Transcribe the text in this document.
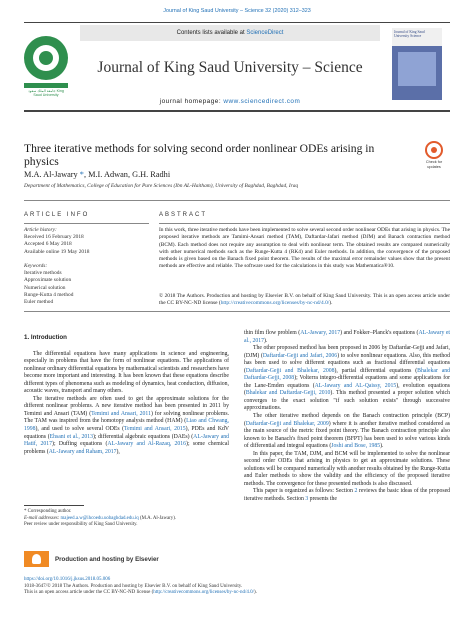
Journal of King Saud University – Science 32 (2020) 312–323
جامعة الملك سعود King Saud University
Contents lists available at ScienceDirect
Journal of King Saud University – Science
journal homepage: www.sciencedirect.com
Journal of King Saud University Science
Three iterative methods for solving second order nonlinear ODEs arising in physics	Check for updates
M.A. Al-Jawary *, M.I. Adwan, G.H. Radhi
Department of Mathematics, College of Education for Pure Sciences (Ibn AL-Haitham), University of Baghdad, Baghdad, Iraq
ARTICLE INFO	ABSTRACT
Article history:
Received 16 February 2018
Accepted 6 May 2018
Available online 19 May 2018
Keywords:
Iterative methods
Approximate solution
Numerical solution
Runge-Kutta 4 method
Euler method
In this work, three iterative methods have been implemented to solve several second order nonlinear ODEs that arising in physics. The proposed iterative methods are Tamimi-Ansari method (TAM), Daftardar-Jafari method (DJM) and Banach contraction method (BCM). Each method does not require any assumption to deal with nonlinear term. The obtained results are compared numerically with other numerical methods such as the Runge-Kutta 4 (RK4) and Euler methods. In addition, the convergence of the proposed methods is given based on the Banach fixed point theorem. The results of the maximal error remainder values show that the present methods are effective and reliable. The software used for the calculations in this study was Mathematica®10.
© 2018 The Authors. Production and hosting by Elsevier B.V. on behalf of King Saud University. This is an open access article under the CC BY-NC-ND license (http://creativecommons.org/licenses/by-nc-nd/4.0/).
1. Introduction

The differential equations have many applications in science and engineering, especially in problems that have the form of nonlinear equations. The applications of nonlinear ordinary differential equations by mathematical scientists and researchers have become more important and interesting. It has been known that these equations describe different types of phenomena such as modeling of dynamics, heat conduction, diffusion, acoustic waves, transport and many others.

The iterative methods are often used to get the approximate solutions for the different nonlinear problems. A new iterative method has been presented in 2011 by Temimi and Ansari (TAM) (Temimi and Ansari, 2011) for solving nonlinear problems. The TAM was inspired from the homotopy analysis method (HAM) (Liao and Chwang, 1998), and used to solve several ODEs (Temimi and Ansari, 2015), PDEs and KdV equations (Ehsani et al., 2013); differential algebraic equations (DAEs) (AL-Jawary and Hatif, 2017); Duffing equations (AL-Jawary and Al-Razaq, 2016); some chemical problems (AL-Jawary and Raham, 2017),

thin film flow problem (AL-Jawary, 2017) and Fokker–Planck's equations (AL-Jawary et al., 2017).

The other proposed method has been proposed in 2006 by Daftardar-Gejji and Jafari, (DJM) (Daftardar-Gejji and Jafari, 2006) to solve nonlinear equations. Also, this method has been used to solve different equations such as fractional differential equations (Daftardar-Gejji and Bhalekar, 2008), partial differential equations (Bhalekar and Daftardar-Gejji, 2008); Volterra integro-differential equations and some applications for the Lane-Emden equations (AL-Jawary and AL-Qaissy, 2015), evolution equations (Bhalekar and Daftardar-Gejji, 2010). This method presented a proper solution which converges to the exact solution "if such solution exists" through successive approximations.

The other iterative method depends on the Banach contraction principle (BCP) (Daftardar-Gejji and Bhalekar, 2009) where it is another iterative method considered as the main source of the metric fixed point theory. The Banach contraction principle also known to be Banach's fixed point theorem (BFPT) has been used to solve various kinds of differential and integral equations (Joshi and Bose, 1985).

In this paper, the TAM, DJM, and BCM will be implemented to solve the nonlinear second order ODEs that arising in physics to get an approximate solutions. These solutions will be compared numerically with another results obtained by the Runge-Kutta and Euler methods to show the validity and the efficiency of the proposed iterative methods. The convergence for these presented methods is also discussed.

This paper is organized as follows: Section 2 reviews the basic ideas of the proposed iterative methods. Section 3 presents the

* Corresponding author.
E-mail addresses: majeed.a.w@ihcoedu.uobaghdad.edu.iq (M.A. Al-Jawary).
Peer review under responsibility of King Saud University.
Production and hosting by Elsevier
https://doi.org/10.1016/j.jksus.2018.05.006
1018-3647/© 2018 The Authors. Production and hosting by Elsevier B.V. on behalf of King Saud University.
This is an open access article under the CC BY-NC-ND license (http://creativecommons.org/licenses/by-nc-nd/4.0/).
